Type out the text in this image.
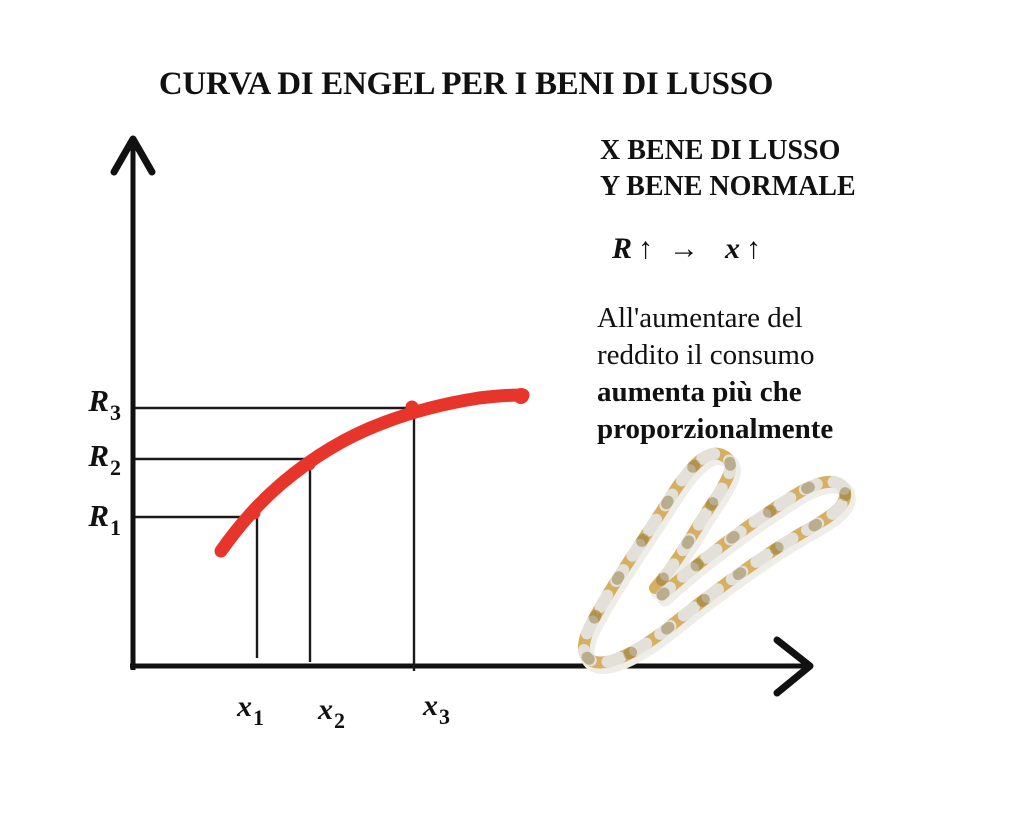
CURVA DI ENGEL PER I BENI DI LUSSO
$R_3$
$R_2$
$R_1$
$x_1$	$x_2$	$x_3$
X BENE DI LUSSO
Y BENE NORMALE
R ↑ → x ↑
All'aumentare del
reddito il consumo
aumenta più che
proporzionalmente
